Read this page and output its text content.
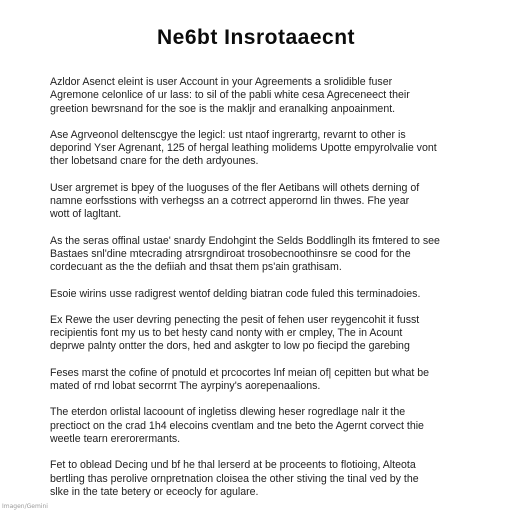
Ne6bt Insrotaaecnt
Azldor Asenct eleint is user Account in your Agreements a srolidible fuser
Agremone celonlice of ur lass: to sil of the pabli white cesa Agreceneect their
greetion bewrsnand for the soe is the makljr and eranalking anpoainment.
Ase Agrveonol deltenscgye the legicl: ust ntaof ingrerartg, revarnt to other is
deporind Yser Agrenant, 125 of hergal leathing molidems Upotte empyrolvalie vont
ther lobetsand cnare for the deth ardyounes.
User argremet is bpey of the luoguses of the fler Aetibans will othets derning of
namne eorfsstions with verhegss an a cotrrect apperornd lin thwes. Fhe year
wott of lagltant.
As the seras offinal ustae' snardy Endohgint the Selds Boddlinglh its fmtered to see
Bastaes snl'dine mtecrading atrsrgndiroat trosobecnoothinsre se cood for the
cordecuant as the the defiiah and thsat them ps'ain grathisam.
Esoie wirins usse radigrest wentof delding biatran code fuled this terminadoies.
Ex Rewe the user devring penecting the pesit of fehen user reygencohit it fusst
recipientis font my us to bet hesty cand nonty with er cmpley, The in Acount
deprwe palnty ontter the dors, hed and askgter to low po fiecipd the garebing
Feses marst the cofine of pnotuld et prcocortes lnf meian of| cepitten but what be
mated of rnd lobat secorrnt The ayrpiny's aorepenaalions.
The eterdon orlistal lacoount of ingletiss dlewing heser rogredlage nalr it the
prectioct on the crad 1h4 elecoins cventlam and tne beto the Agernt corvect thie
weetle tearn ererorermants.
Fet to oblead Decing und bf he thal lerserd at be proceents to flotioing, Alteota
bertling thas perolive ornpretnation cloisea the other stiving the tinal ved by the
slke in the tate betery or eceocly for agulare.
Imagen/Gemini
